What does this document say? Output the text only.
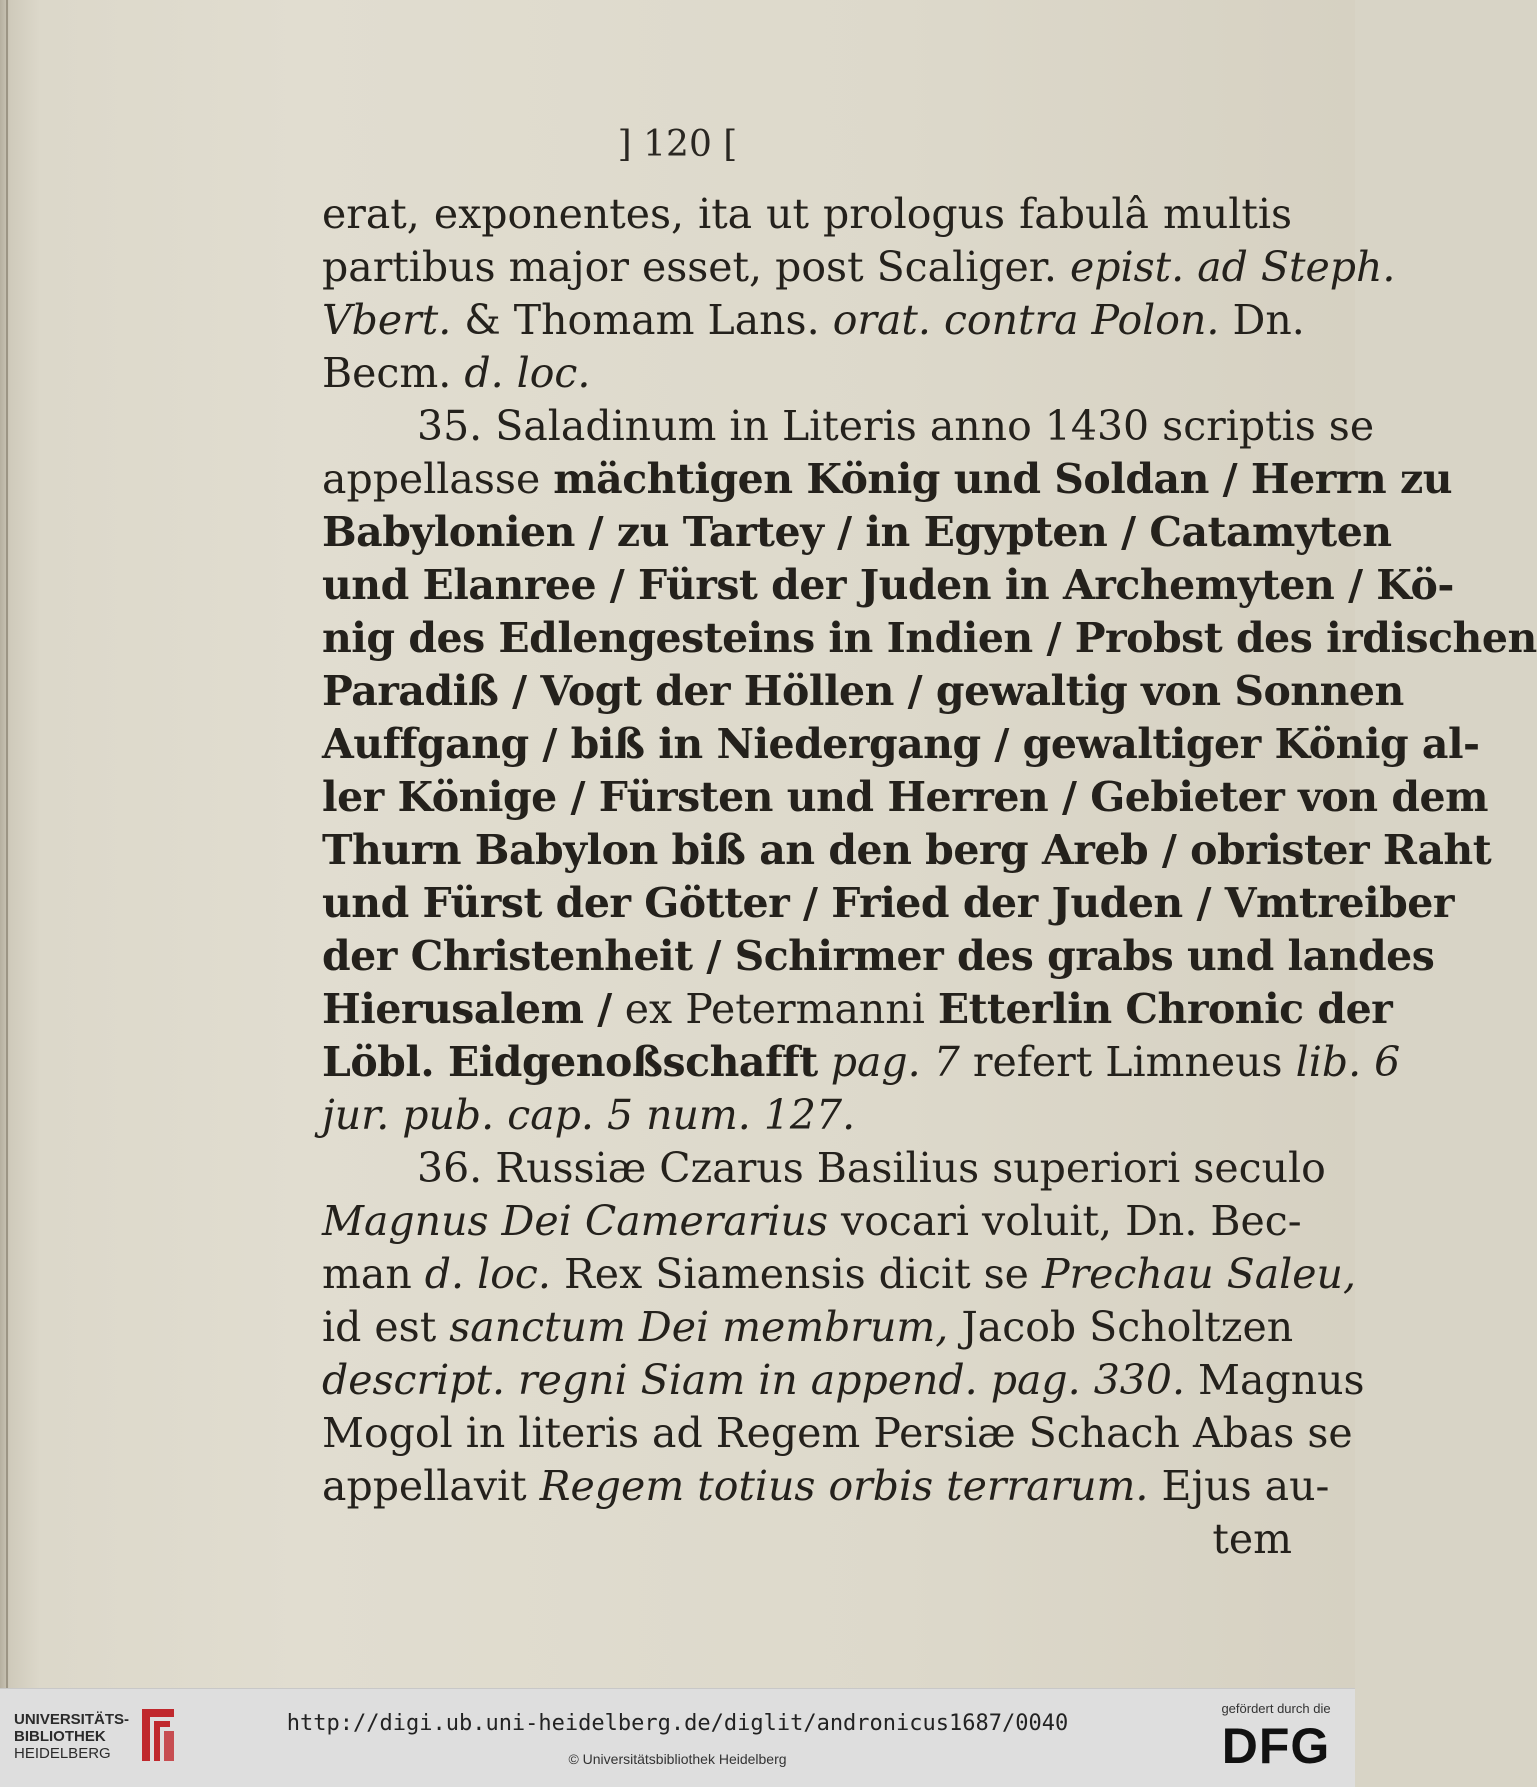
] 120 [
erat, exponentes, ita ut prologus fabulâ multis
partibus major esset, post Scaliger. epist. ad Steph.
Vbert. & Thomam Lans. orat. contra Polon. Dn.
Becm. d. loc.
35. Saladinum in Literis anno 1430 scriptis se
appellasse mächtigen König und Soldan / Herrn zu
Babylonien / zu Tartey / in Egypten / Catamyten
und Elanree / Fürst der Juden in Archemyten / Kö-
nig des Edlengesteins in Indien / Probst des irdischen
Paradiß / Vogt der Höllen / gewaltig von Sonnen
Auffgang / biß in Niedergang / gewaltiger König al-
ler Könige / Fürsten und Herren / Gebieter von dem
Thurn Babylon biß an den berg Areb / obrister Raht
und Fürst der Götter / Fried der Juden / Vmtreiber
der Christenheit / Schirmer des grabs und landes
Hierusalem / ex Petermanni Etterlin Chronic der
Löbl. Eidgenoßschafft pag. 7 refert Limneus lib. 6
jur. pub. cap. 5 num. 127.
36. Russiæ Czarus Basilius superiori seculo
Magnus Dei Camerarius vocari voluit, Dn. Bec-
man d. loc. Rex Siamensis dicit se Prechau Saleu,
id est sanctum Dei membrum, Jacob Scholtzen
descript. regni Siam in append. pag. 330. Magnus
Mogol in literis ad Regem Persiæ Schach Abas se
appellavit Regem totius orbis terrarum. Ejus au-
tem
UNIVERSITÄTS-
BIBLIOTHEK
HEIDELBERG
http://digi.ub.uni-heidelberg.de/diglit/andronicus1687/0040
© Universitätsbibliothek Heidelberg
gefördert durch die
DFG
